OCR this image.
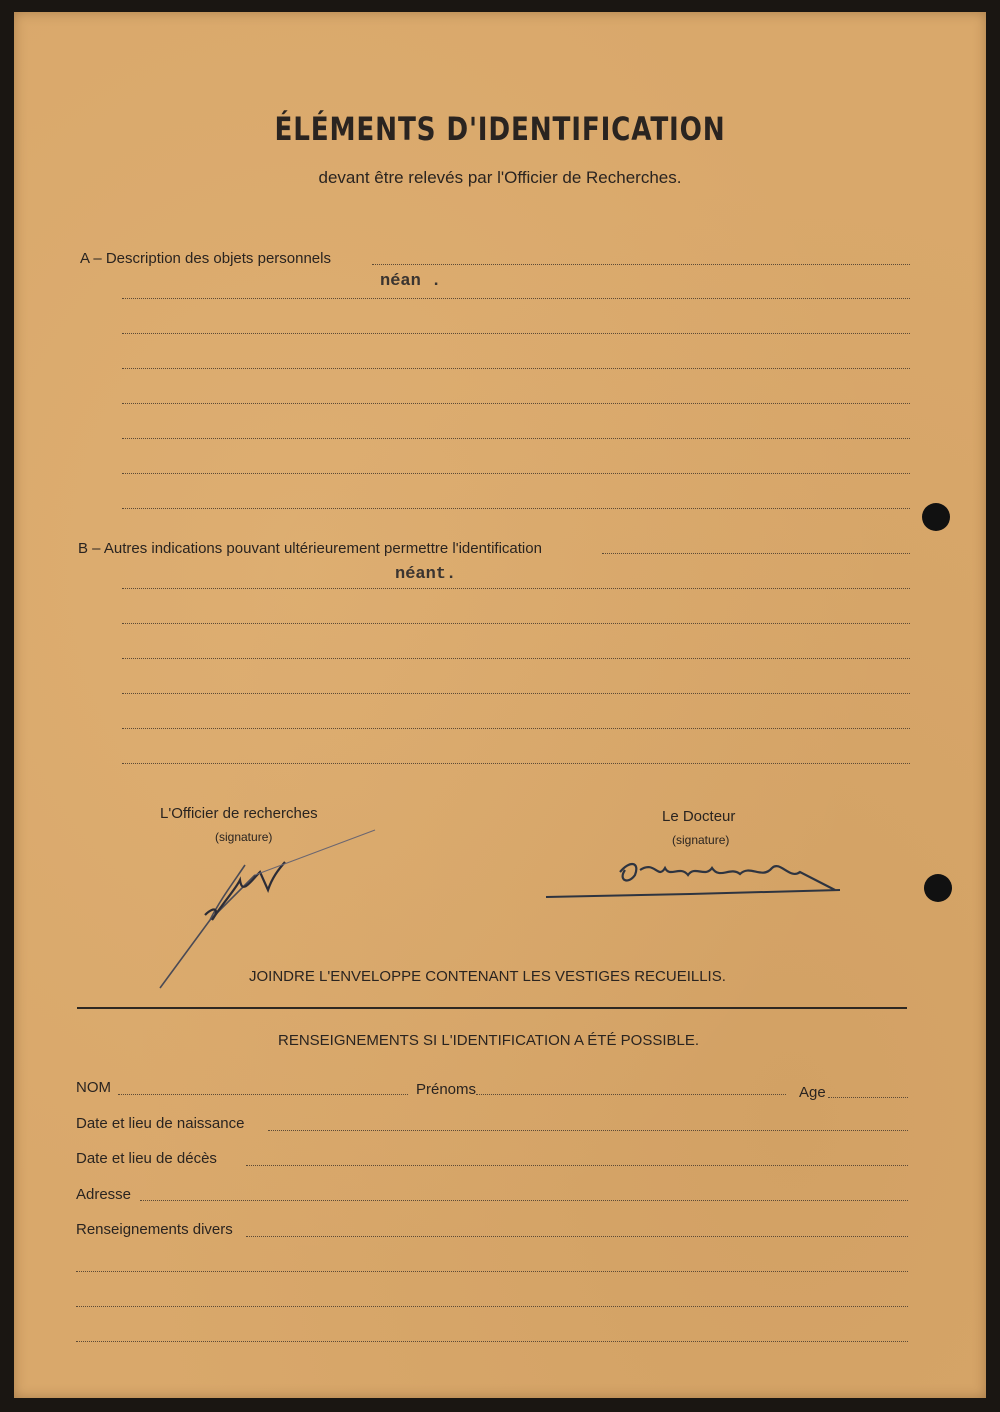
ÉLÉMENTS D'IDENTIFICATION
devant être relevés par l'Officier de Recherches.
A – Description des objets personnels
néan .
B – Autres indications pouvant ultérieurement permettre l'identification
néant.
L'Officier de recherches
(signature)
Le Docteur
(signature)
JOINDRE L'ENVELOPPE CONTENANT LES VESTIGES RECUEILLIS.
RENSEIGNEMENTS SI L'IDENTIFICATION A ÉTÉ POSSIBLE.
NOM	Prénoms	Age
Date et lieu de naissance
Date et lieu de décès
Adresse
Renseignements divers
